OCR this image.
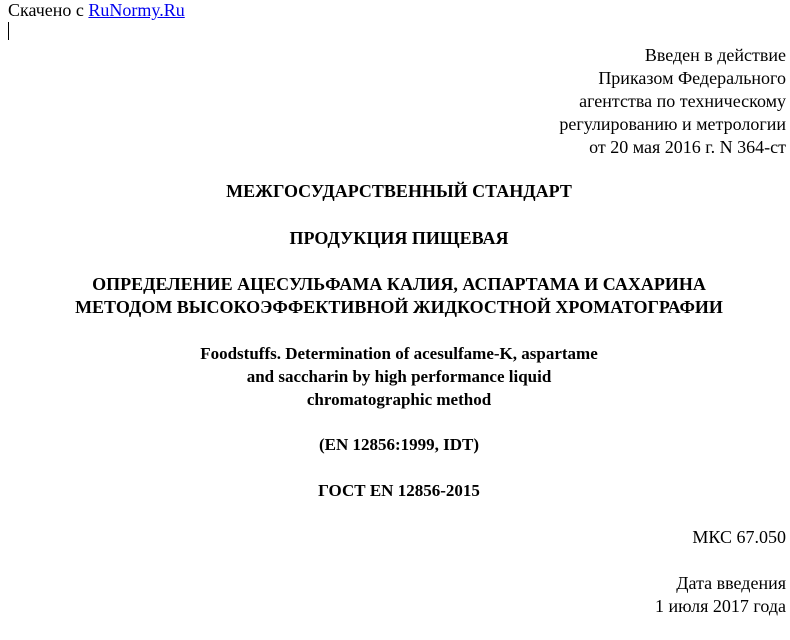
Скачено с RuNormy.Ru
Введен в действие
Приказом Федерального
агентства по техническому
регулированию и метрологии
от 20 мая 2016 г. N 364-ст
МЕЖГОСУДАРСТВЕННЫЙ СТАНДАРТ
ПРОДУКЦИЯ ПИЩЕВАЯ
ОПРЕДЕЛЕНИЕ АЦЕСУЛЬФАМА КАЛИЯ, АСПАРТАМА И САХАРИНА
МЕТОДОМ ВЫСОКОЭФФЕКТИВНОЙ ЖИДКОСТНОЙ ХРОМАТОГРАФИИ
Foodstuffs. Determination of acesulfame-K, aspartame
and saccharin by high performance liquid
chromatographic method
(EN 12856:1999, IDT)
ГОСТ EN 12856-2015
МКС 67.050
Дата введения
1 июля 2017 года
